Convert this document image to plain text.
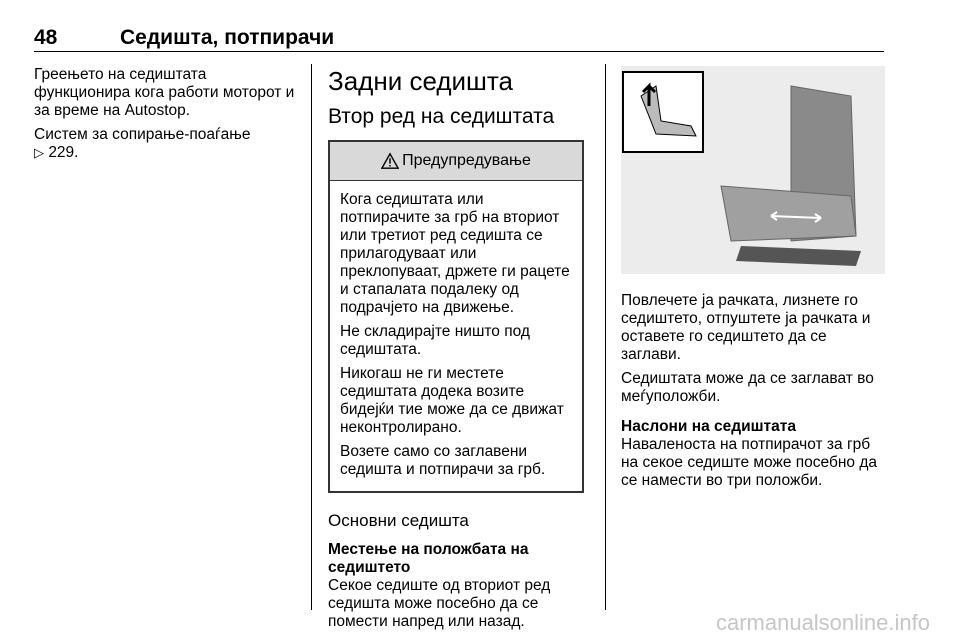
48	Седишта, потпирачи

Греењето на седиштата функционира кога работи моторот и за време на Autostop.

Систем за сопирање-поаѓање
▷ 229.

Задни седишта
Втор ред на седиштата
Предупредување

Кога седиштата или потпирачите за грб на вториот или третиот ред седишта се прилагодуваат или преклопуваат, држете ги рацете и стапалата подалеку од подрачјето на движење.

Не складирајте ништо под седиштата.

Никогаш не ги местете седиштата додека возите бидејќи тие може да се движат неконтролирано.

Возете само со заглавени седишта и потпирачи за грб.

Основни седишта

Местење на положбата на седиштето

Секое седиште од вториот ред седишта може посебно да се помести напред или назад.

Повлечете ја рачката, лизнете го седиштето, отпуштете ја рачката и оставете го седиштето да се заглави.

Седиштата може да се заглават во меѓуположби.

Наслони на седиштата

Наваленоста на потпирачот за грб на секое седиште може посебно да се намести во три положби.

carmanualsonline.info
